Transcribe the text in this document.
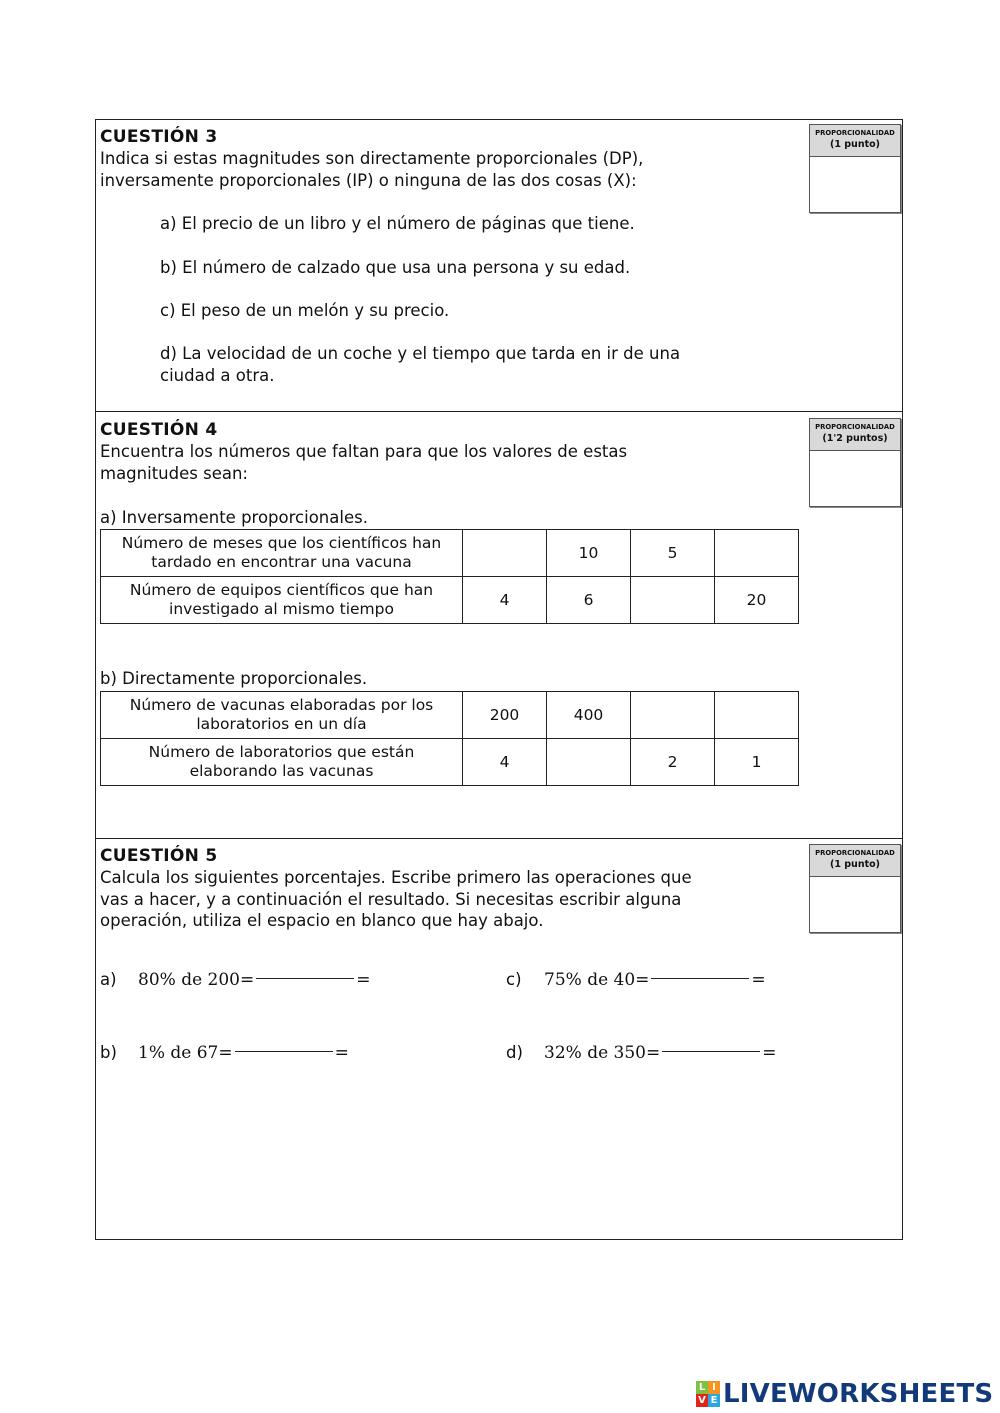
CUESTIÓN 3
Indica si estas magnitudes son directamente proporcionales (DP),
inversamente proporcionales (IP) o ninguna de las dos cosas (X):
PROPORCIONALIDAD
(1 punto)
a) El precio de un libro y el número de páginas que tiene.
b) El número de calzado que usa una persona y su edad.
c) El peso de un melón y su precio.
d) La velocidad de un coche y el tiempo que tarda en ir de una
ciudad a otra.
CUESTIÓN 4
Encuentra los números que faltan para que los valores de estas
magnitudes sean:
PROPORCIONALIDAD
(1'2 puntos)
a) Inversamente proporcionales.
Número de meses que los científicos han
tardado en encontrar una vacuna		10	5	

Número de equipos científicos que han
investigado al mismo tiempo	4	6		20
b) Directamente proporcionales.
Número de vacunas elaboradas por los
laboratorios en un día	200	400		

Número de laboratorios que están
elaborando las vacunas	4		2	1
CUESTIÓN 5
Calcula los siguientes porcentajes. Escribe primero las operaciones que
vas a hacer, y a continuación el resultado. Si necesitas escribir alguna
operación, utiliza el espacio en blanco que hay abajo.
PROPORCIONALIDAD
(1 punto)
a)	80% de 200=	=
b)	1% de 67=	=
c)	75% de 40=	=
d)	32% de 350=	=
L I
V E LIVEWORKSHEETS
